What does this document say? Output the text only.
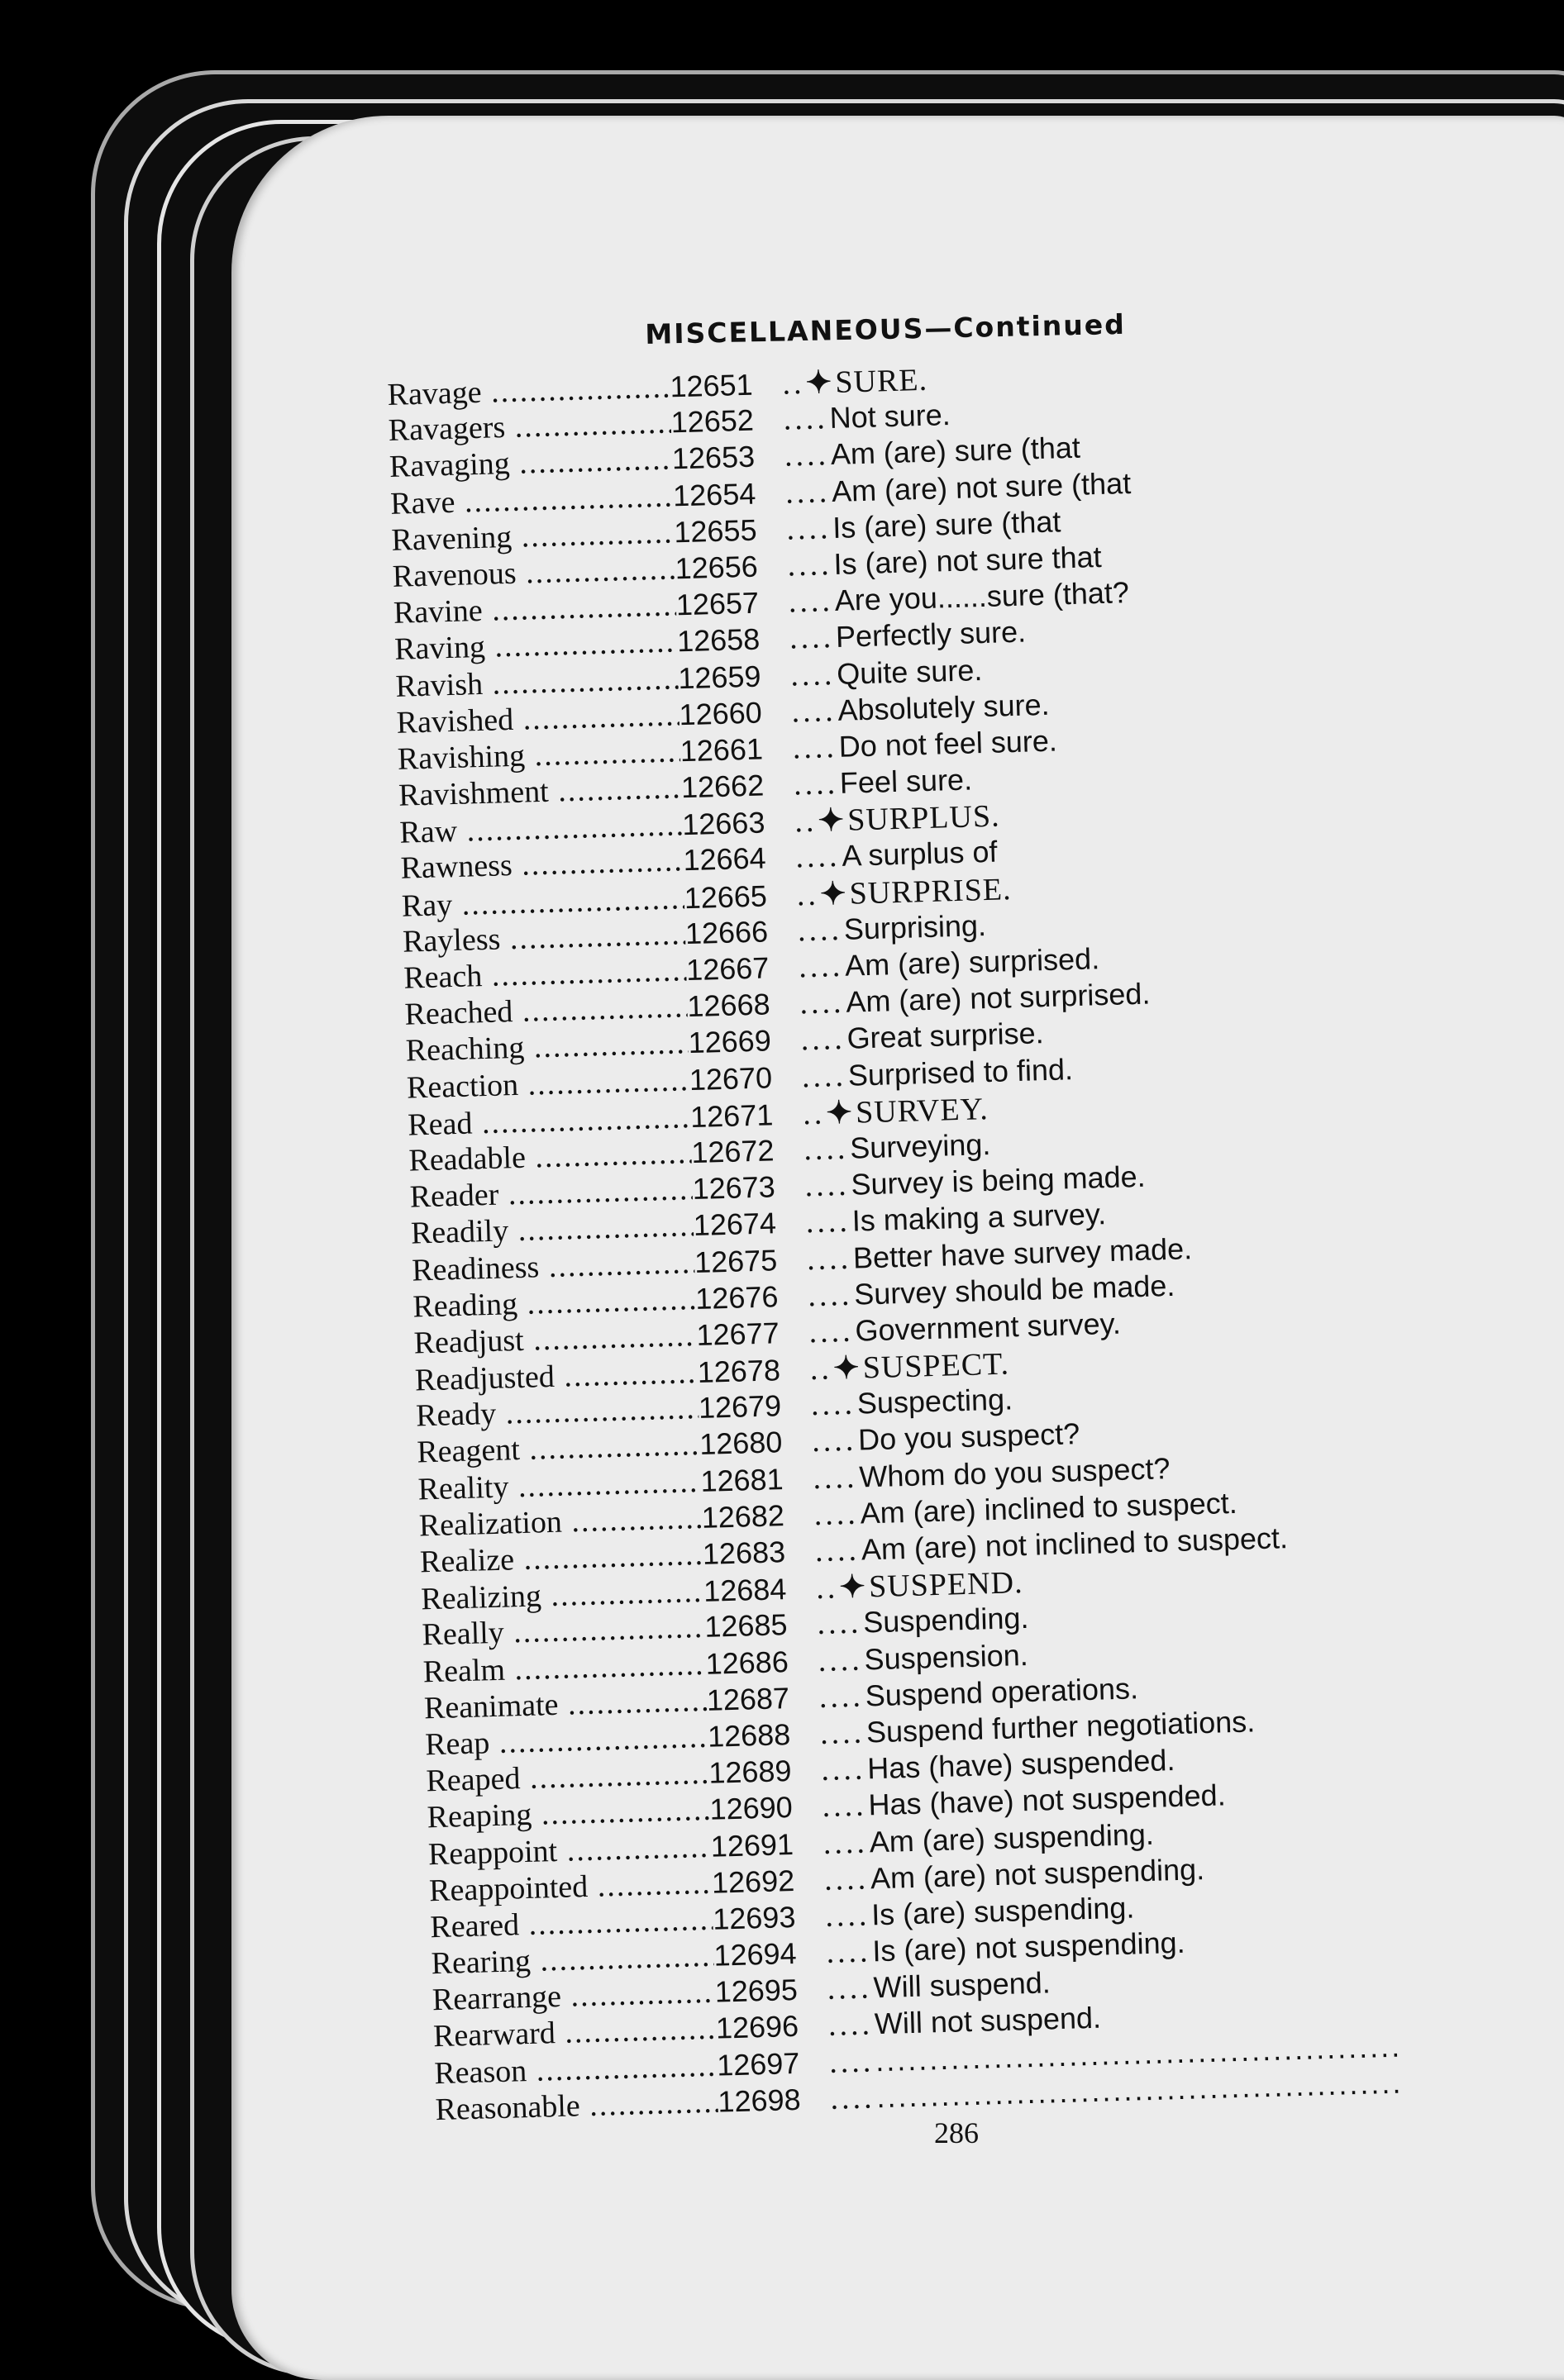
MISCELLANEOUS—Continued
Ravage .....	12651 .. ✦ SURE.
Ravagers .....	12652 .... Not sure.
Ravaging .....	12653 .... Am (are) sure (that
Rave .....	12654 .... Am (are) not sure (that
Ravening .....	12655 .... Is (are) sure (that
Ravenous .....	12656 .... Is (are) not sure that
Ravine .....	12657 .... Are you......sure (that?
Raving .....	12658 .... Perfectly sure.
Ravish .....	12659 .... Quite sure.
Ravished .....	12660 .... Absolutely sure.
Ravishing .....	12661 .... Do not feel sure.
Ravishment .....	12662 .... Feel sure.
Raw .....	12663 .. ✦ SURPLUS.
Rawness .....	12664 .... A surplus of
Ray .....	12665 .. ✦ SURPRISE.
Rayless .....	12666 .... Surprising.
Reach .....	12667 .... Am (are) surprised.
Reached .....	12668 .... Am (are) not surprised.
Reaching .....	12669 .... Great surprise.
Reaction .....	12670 .... Surprised to find.
Read .....	12671 .. ✦ SURVEY.
Readable .....	12672 .... Surveying.
Reader .....	12673 .... Survey is being made.
Readily .....	12674 .... Is making a survey.
Readiness .....	12675 .... Better have survey made.
Reading .....	12676 .... Survey should be made.
Readjust .....	12677 .... Government survey.
Readjusted .....	12678 .. ✦ SUSPECT.
Ready .....	12679 .... Suspecting.
Reagent .....	12680 .... Do you suspect?
Reality .....	12681 .... Whom do you suspect?
Realization .....	12682 .... Am (are) inclined to suspect.
Realize .....	12683 .... Am (are) not inclined to suspect.
Realizing .....	12684 .. ✦ SUSPEND.
Really .....	12685 .... Suspending.
Realm .....	12686 .... Suspension.
Reanimate .....	12687 .... Suspend operations.
Reap .....	12688 .... Suspend further negotiations.
Reaped .....	12689 .... Has (have) suspended.
Reaping .....	12690 .... Has (have) not suspended.
Reappoint .....	12691 .... Am (are) suspending.
Reappointed .....	12692 .... Am (are) not suspending.
Reared .....	12693 .... Is (are) suspending.
Rearing .....	12694 .... Is (are) not suspending.
Rearrange .....	12695 .... Will suspend.
Rearward .....	12696 .... Will not suspend.
Reason .....	12697 .... .................................................
Reasonable .....	12698 .... .................................................
286
